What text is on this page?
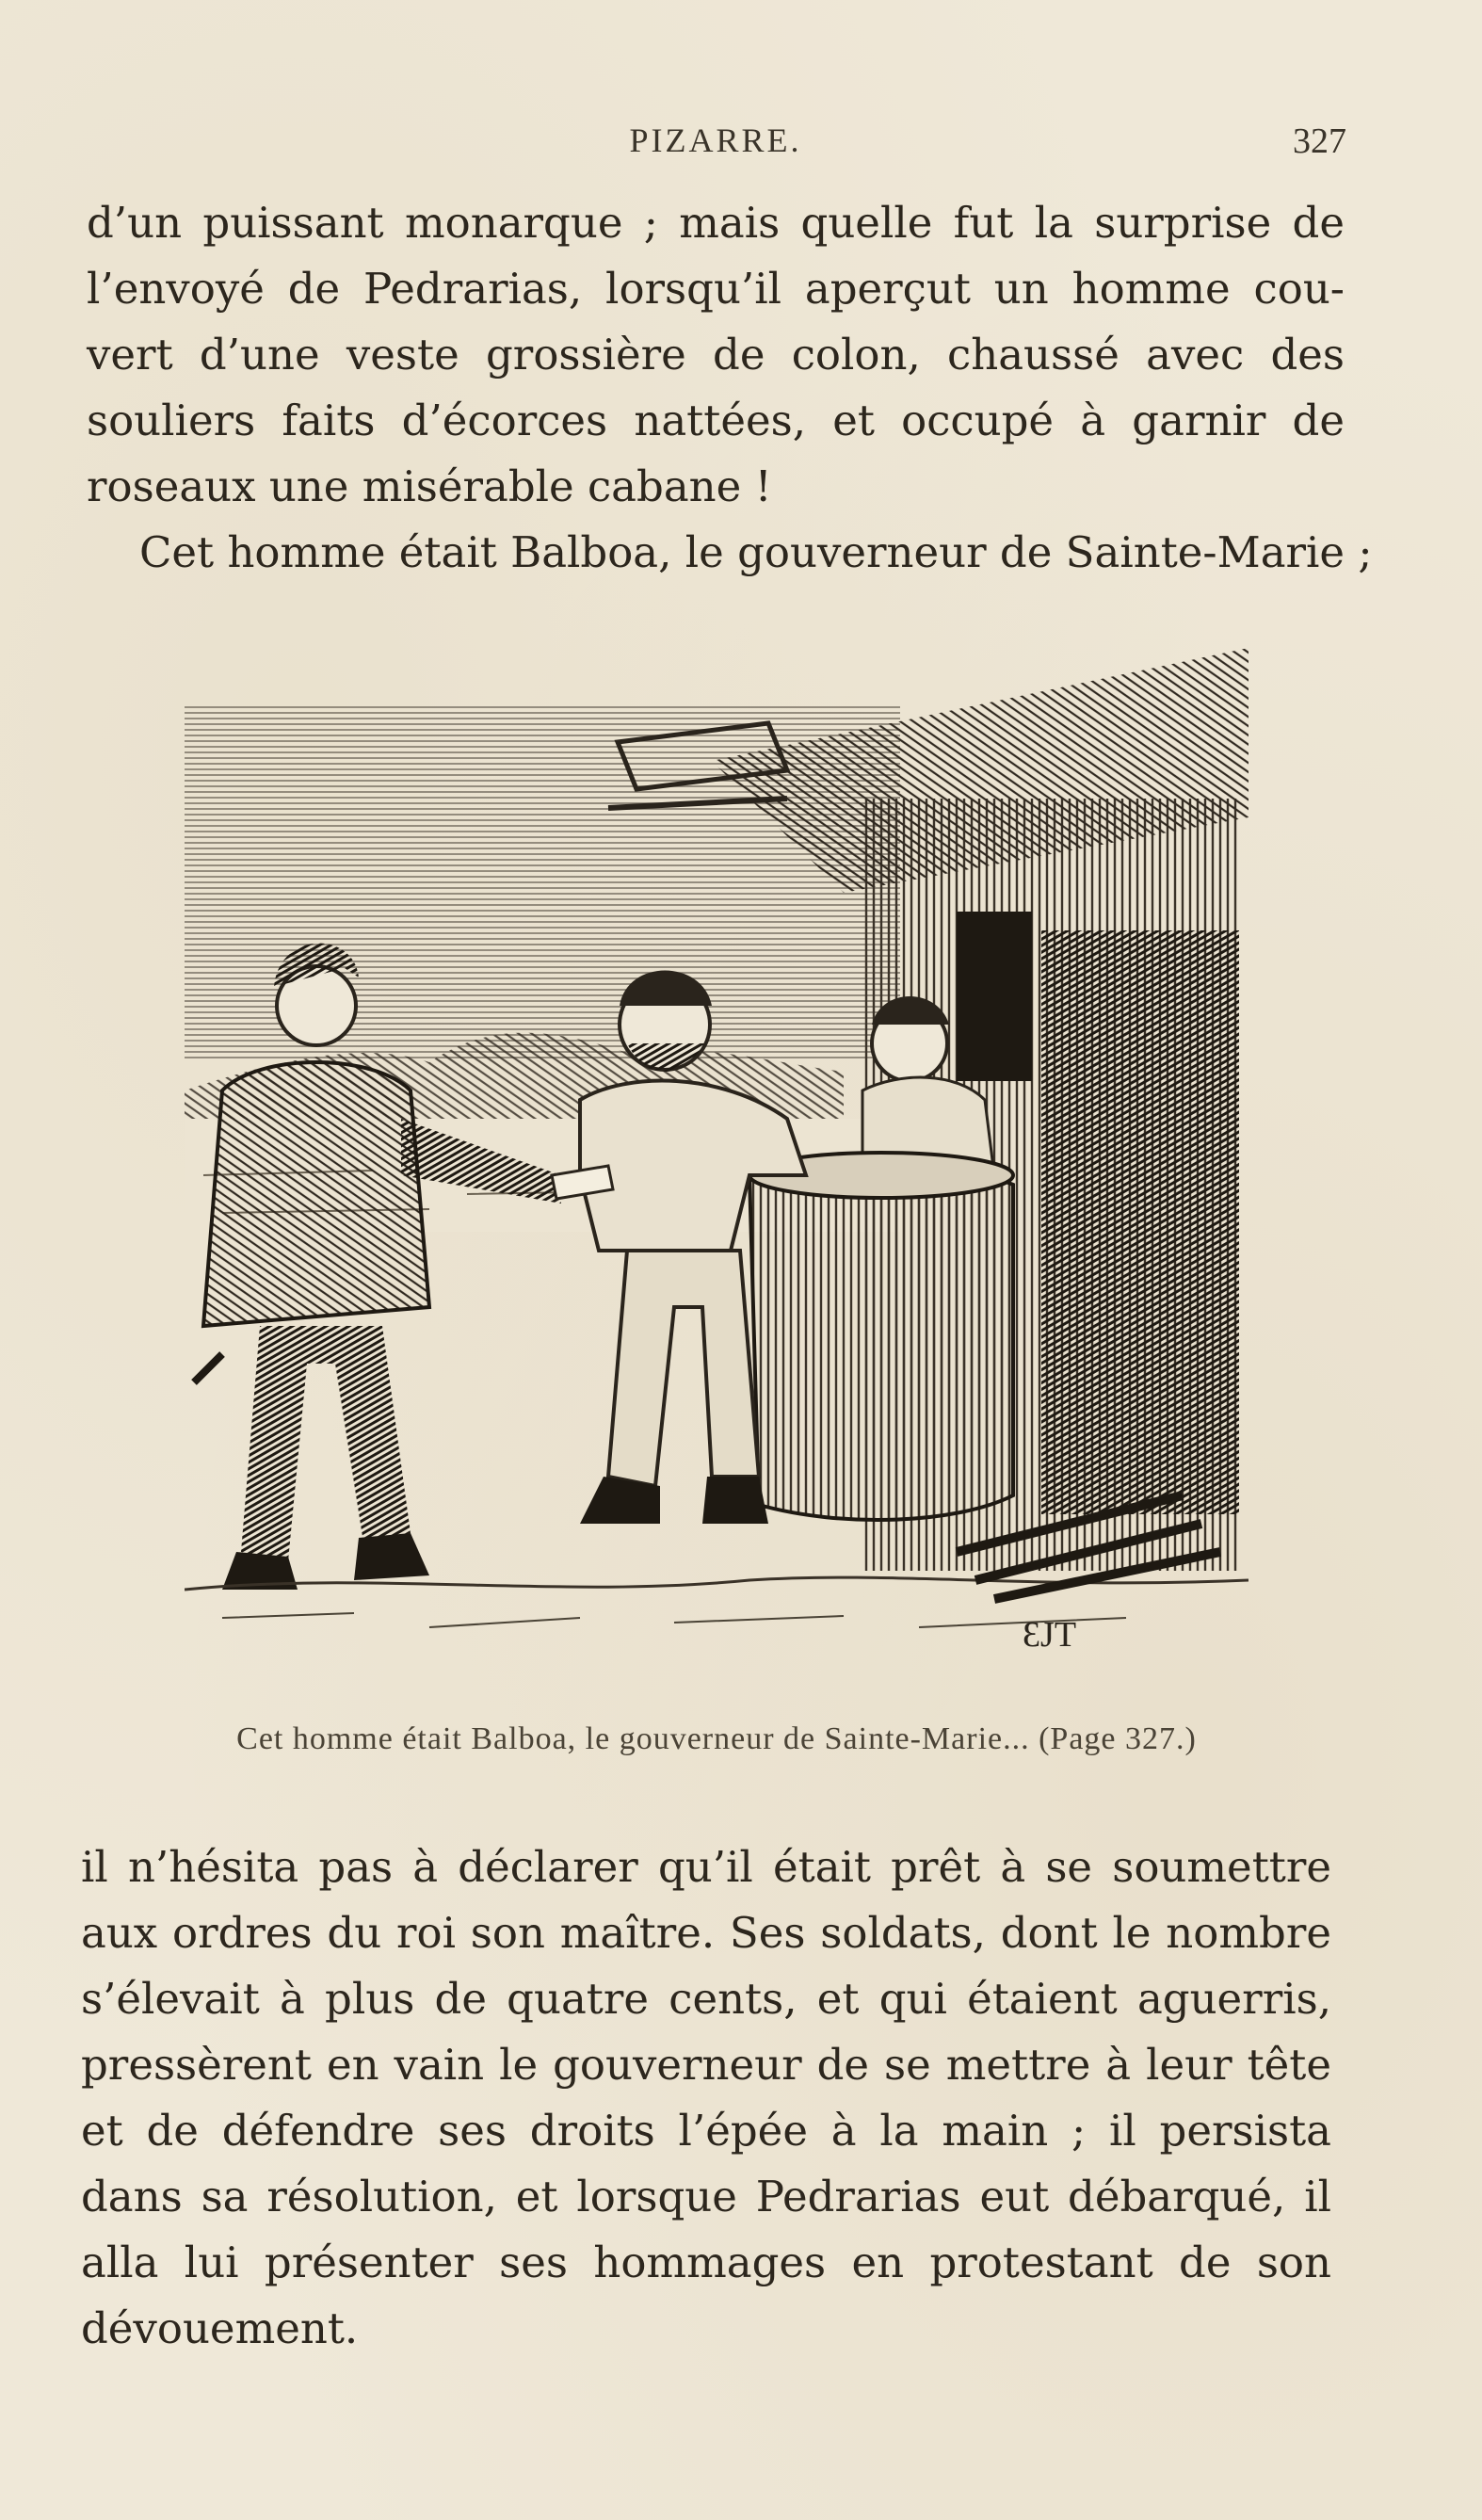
PIZARRE.	327
d’un puissant monarque ; mais quelle fut la surprise de
l’envoyé de Pedrarias, lorsqu’il aperçut un homme cou-
vert d’une veste grossière de colon, chaussé avec des
souliers faits d’écorces nattées, et occupé à garnir de
roseaux une misérable cabane !
Cet homme était Balboa, le gouverneur de Sainte-Marie ;
ƐJT
Cet homme était Balboa, le gouverneur de Sainte-Marie... (Page 327.)
il n’hésita pas à déclarer qu’il était prêt à se soumettre
aux ordres du roi son maître. Ses soldats, dont le nombre
s’élevait à plus de quatre cents, et qui étaient aguerris,
pressèrent en vain le gouverneur de se mettre à leur tête
et de défendre ses droits l’épée à la main ; il persista
dans sa résolution, et lorsque Pedrarias eut débarqué, il
alla lui présenter ses hommages en protestant de son
dévouement.
